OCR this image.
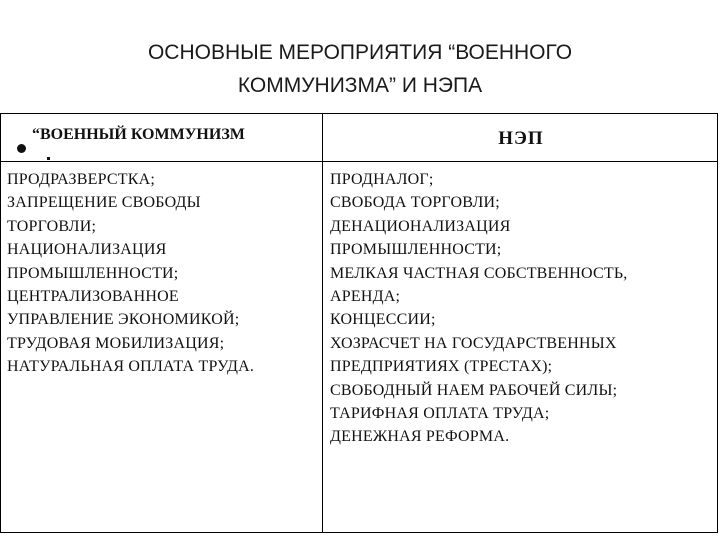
ОСНОВНЫЕ МЕРОПРИЯТИЯ “ВОЕННОГО
КОММУНИЗМА” И НЭПА
“ВОЕННЫЙ КОММУНИЗМ	НЭП
ПРОДРАЗВЕРСТКА;
ЗАПРЕЩЕНИЕ СВОБОДЫ
ТОРГОВЛИ;
НАЦИОНАЛИЗАЦИЯ
ПРОМЫШЛЕННОСТИ;
ЦЕНТРАЛИЗОВАННОЕ
УПРАВЛЕНИЕ ЭКОНОМИКОЙ;
ТРУДОВАЯ МОБИЛИЗАЦИЯ;
НАТУРАЛЬНАЯ ОПЛАТА ТРУДА.
ПРОДНАЛОГ;
СВОБОДА ТОРГОВЛИ;
ДЕНАЦИОНАЛИЗАЦИЯ
ПРОМЫШЛЕННОСТИ;
МЕЛКАЯ ЧАСТНАЯ СОБСТВЕННОСТЬ,
АРЕНДА;
КОНЦЕССИИ;
ХОЗРАСЧЕТ НА ГОСУДАРСТВЕННЫХ
ПРЕДПРИЯТИЯХ (ТРЕСТАХ);
СВОБОДНЫЙ НАЕМ РАБОЧЕЙ СИЛЫ;
ТАРИФНАЯ ОПЛАТА ТРУДА;
ДЕНЕЖНАЯ РЕФОРМА.
